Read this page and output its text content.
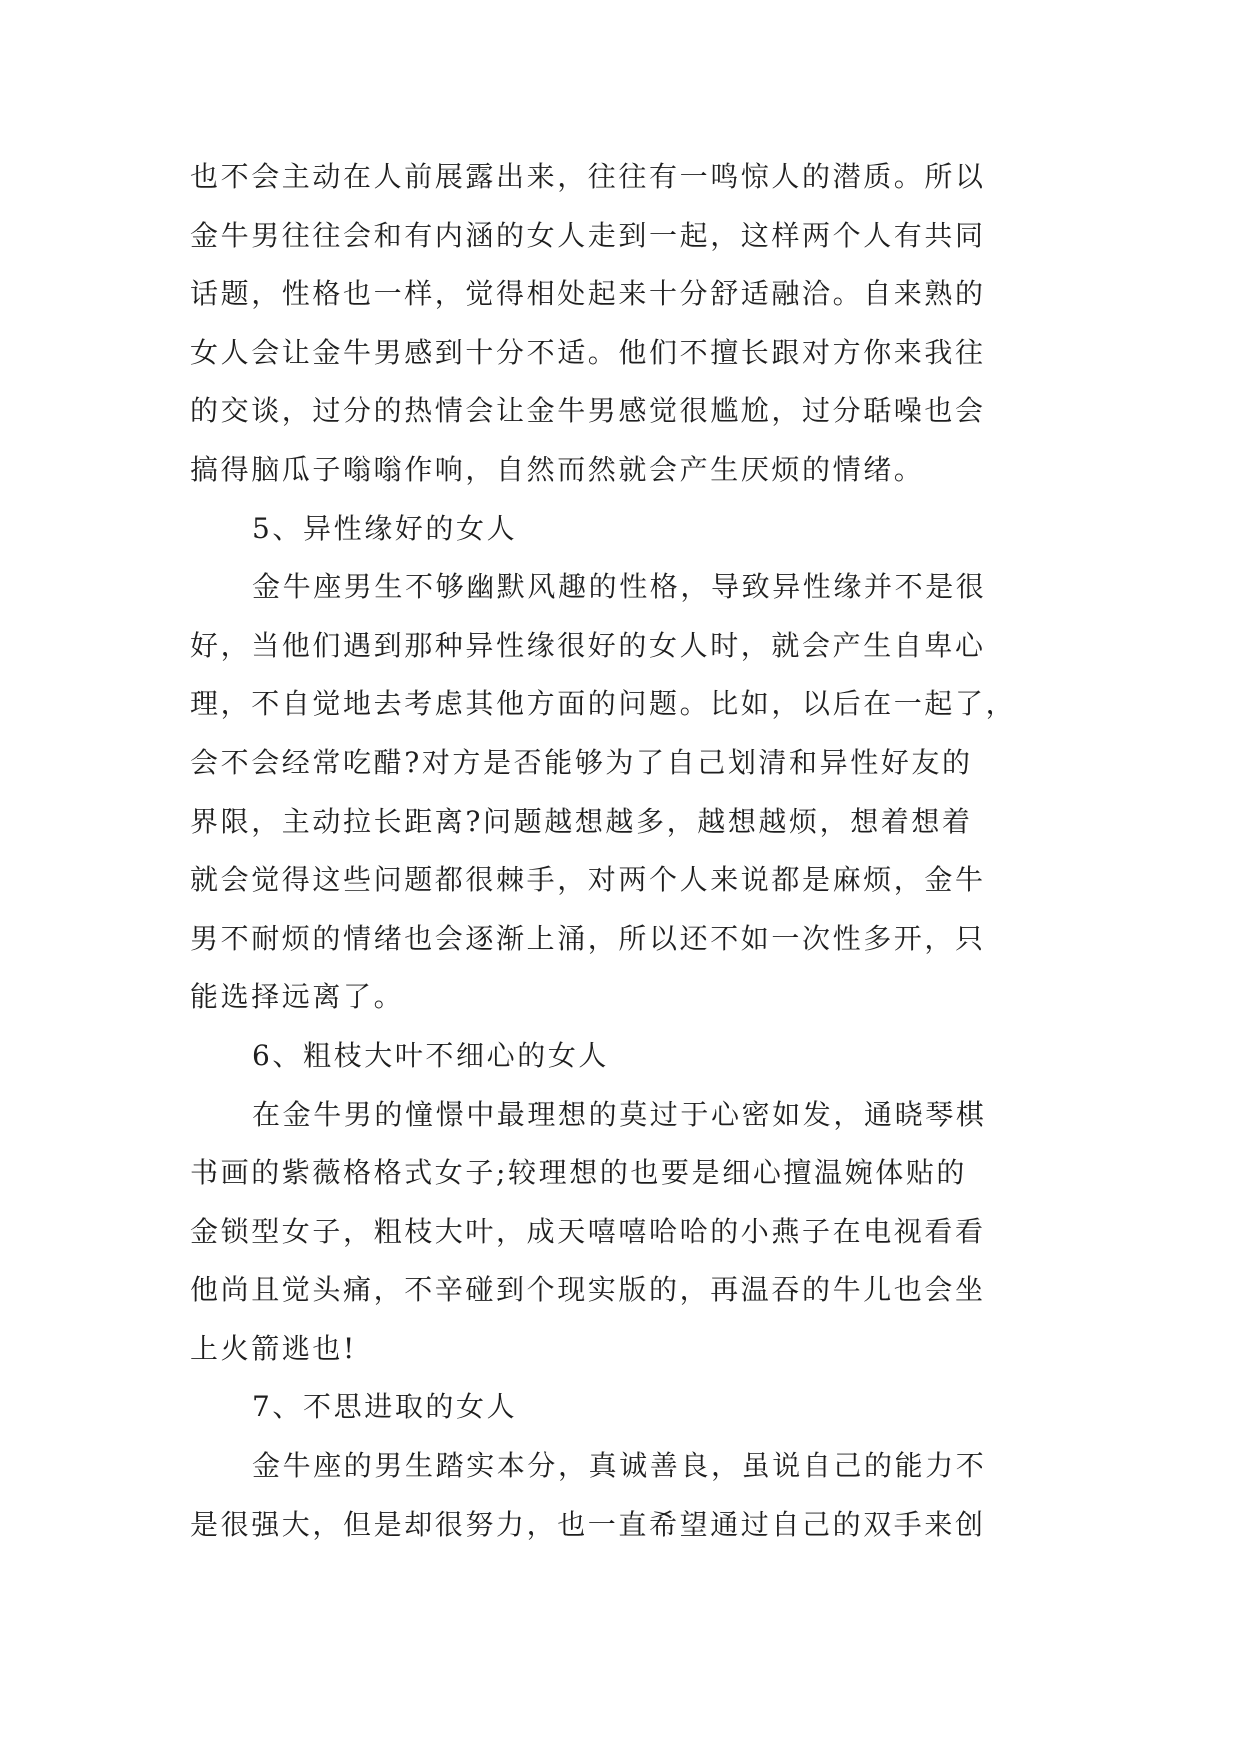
也不会主动在人前展露出来，往往有一鸣惊人的潜质。所以
金牛男往往会和有内涵的女人走到一起，这样两个人有共同
话题，性格也一样，觉得相处起来十分舒适融洽。自来熟的
女人会让金牛男感到十分不适。他们不擅长跟对方你来我往
的交谈，过分的热情会让金牛男感觉很尴尬，过分聒噪也会
搞得脑瓜子嗡嗡作响，自然而然就会产生厌烦的情绪。
5、异性缘好的女人
金牛座男生不够幽默风趣的性格，导致异性缘并不是很
好，当他们遇到那种异性缘很好的女人时，就会产生自卑心
理，不自觉地去考虑其他方面的问题。比如，以后在一起了，
会不会经常吃醋?对方是否能够为了自己划清和异性好友的
界限，主动拉长距离?问题越想越多，越想越烦，想着想着
就会觉得这些问题都很棘手，对两个人来说都是麻烦，金牛
男不耐烦的情绪也会逐渐上涌，所以还不如一次性多开，只
能选择远离了。
6、粗枝大叶不细心的女人
在金牛男的憧憬中最理想的莫过于心密如发，通晓琴棋
书画的紫薇格格式女子;较理想的也要是细心擅温婉体贴的
金锁型女子，粗枝大叶，成天嘻嘻哈哈的小燕子在电视看看
他尚且觉头痛，不辛碰到个现实版的，再温吞的牛儿也会坐
上火箭逃也!
7、不思进取的女人
金牛座的男生踏实本分，真诚善良，虽说自己的能力不
是很强大，但是却很努力，也一直希望通过自己的双手来创
